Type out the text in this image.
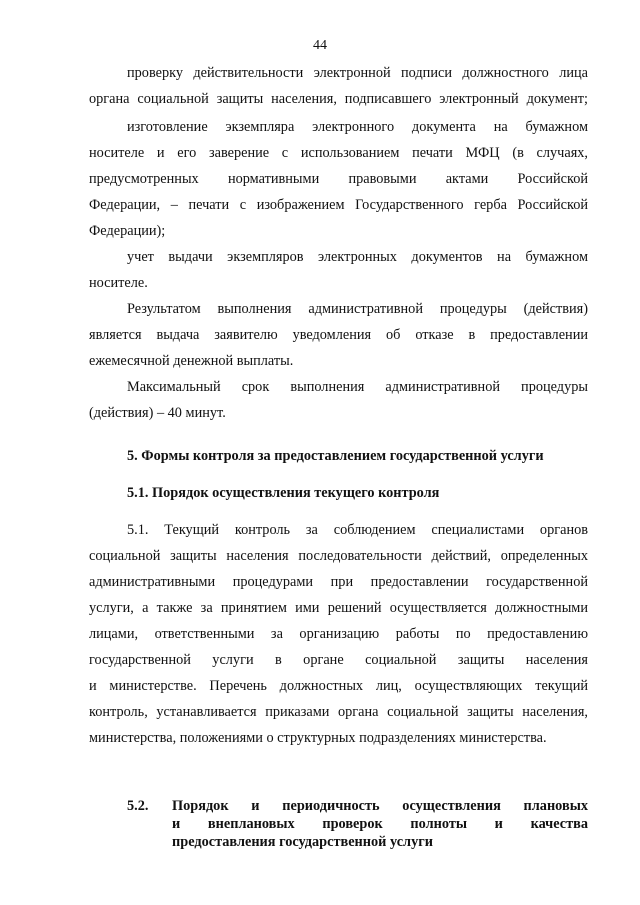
44
проверку действительности электронной подписи должностного лица
органа социальной защиты населения, подписавшего электронный документ;
изготовление экземпляра электронного документа на бумажном
носителе и его заверение с использованием печати МФЦ (в случаях,
предусмотренных нормативными правовыми актами Российской
Федерации, – печати с изображением Государственного герба Российской
Федерации);
учет выдачи экземпляров электронных документов на бумажном
носителе.
Результатом выполнения административной процедуры (действия)
является выдача заявителю уведомления об отказе в предоставлении
ежемесячной денежной выплаты.
Максимальный срок выполнения административной процедуры
(действия) – 40 минут.
5. Формы контроля за предоставлением государственной услуги
5.1. Порядок осуществления текущего контроля
5.1. Текущий контроль за соблюдением специалистами органов
социальной защиты населения последовательности действий, определенных
административными процедурами при предоставлении государственной
услуги, а также за принятием ими решений осуществляется должностными
лицами, ответственными за организацию работы по предоставлению
государственной услуги в органе социальной защиты населения
и министерстве. Перечень должностных лиц, осуществляющих текущий
контроль, устанавливается приказами органа социальной защиты населения,
министерства, положениями о структурных подразделениях министерства.
5.2. Порядок и периодичность осуществления плановых
и внеплановых проверок полноты и качества
предоставления государственной услуги
